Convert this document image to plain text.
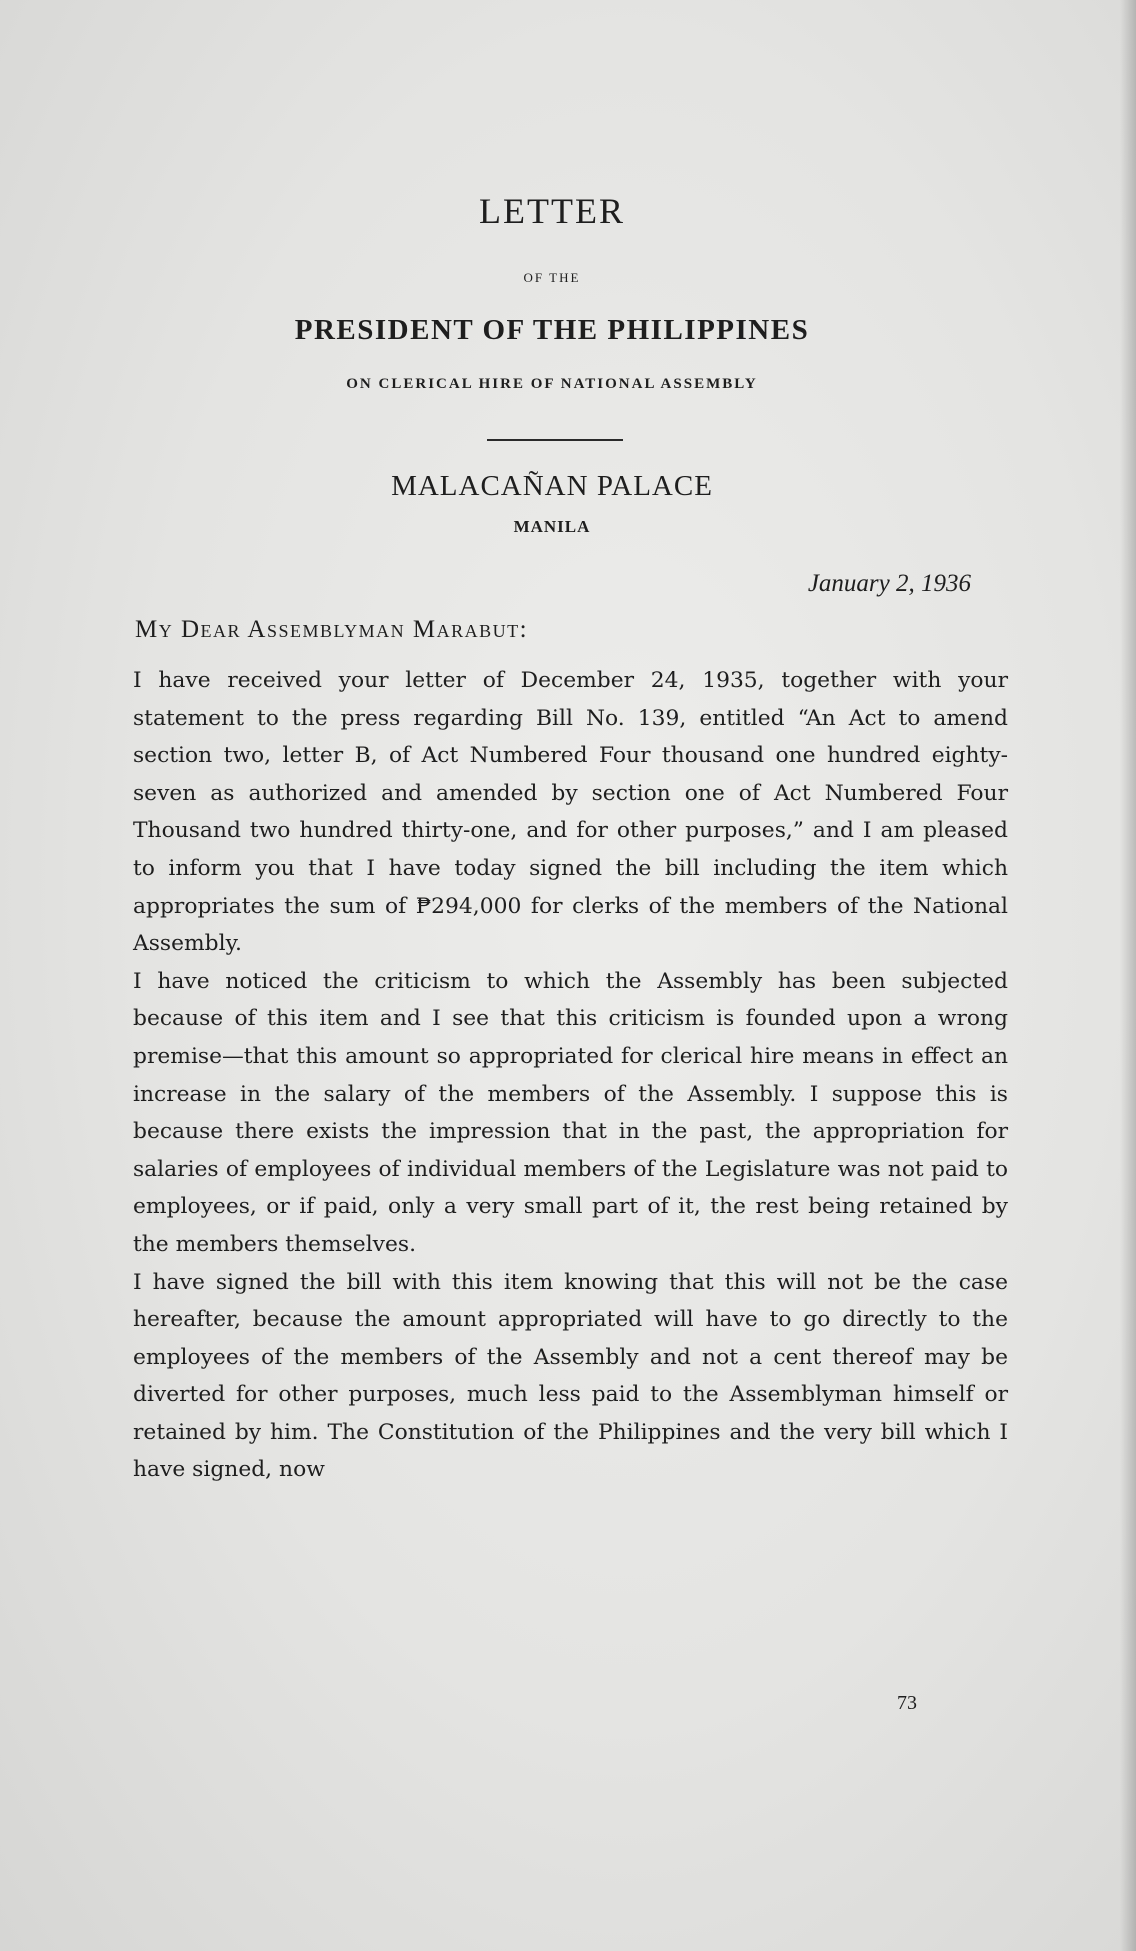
LETTER
OF THE
PRESIDENT OF THE PHILIPPINES
ON CLERICAL HIRE OF NATIONAL ASSEMBLY
MALACAÑAN PALACE
MANILA
January 2, 1936
My Dear Assemblyman Marabut:

I have received your letter of December 24, 1935, together with your statement to the press regarding Bill No. 139, entitled “An Act to amend section two, letter B, of Act Numbered Four thousand one hundred eighty-seven as authorized and amended by section one of Act Numbered Four Thousand two hundred thirty-one, and for other purposes,” and I am pleased to inform you that I have today signed the bill including the item which appropriates the sum of ₱294,000 for clerks of the members of the National Assembly.

I have noticed the criticism to which the Assembly has been subjected because of this item and I see that this criticism is founded upon a wrong premise—that this amount so appropriated for clerical hire means in effect an increase in the salary of the members of the Assembly. I suppose this is because there exists the impression that in the past, the appropriation for salaries of employees of individual members of the Legislature was not paid to employees, or if paid, only a very small part of it, the rest being retained by the members themselves.

I have signed the bill with this item knowing that this will not be the case hereafter, because the amount appropriated will have to go directly to the employees of the members of the Assembly and not a cent thereof may be diverted for other purposes, much less paid to the Assemblyman himself or retained by him. The Constitution of the Philippines and the very bill which I have signed, now

73
